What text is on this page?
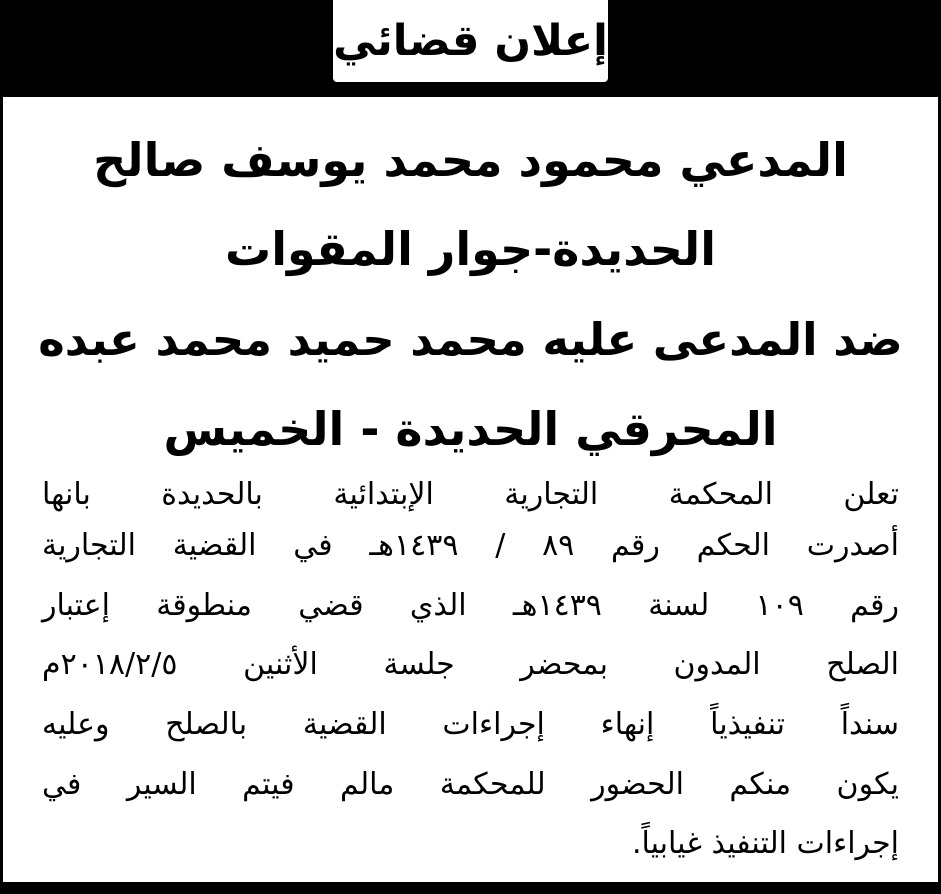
إعلان قضائي
المدعي محمود محمد يوسف صالح
الحديدة-جوار المقوات
ضد المدعى عليه محمد حميد محمد عبده
المحرقي الحديدة - الخميس
تعلن المحكمة التجارية الإبتدائية بالحديدة بانها
أصدرت الحكم رقم ٨٩ / ١٤٣٩هـ في القضية التجارية
رقم ١٠٩ لسنة ١٤٣٩هـ الذي قضي منطوقة إعتبار
الصلح المدون بمحضر جلسة الأثنين ٢٠١٨/٢/٥م
سنداً تنفيذياً إنهاء إجراءات القضية بالصلح وعليه
يكون منكم الحضور للمحكمة مالم فيتم السير في
إجراءات التنفيذ غيابياً.
